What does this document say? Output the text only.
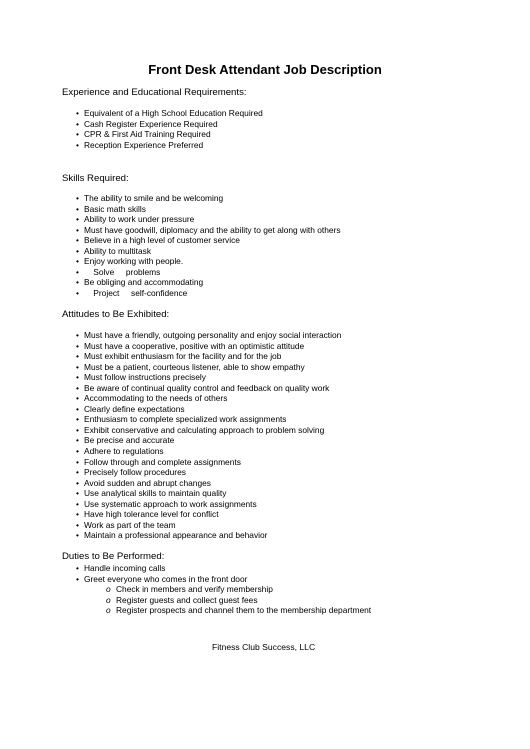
Front Desk Attendant Job Description
Experience and Educational Requirements:
• Equivalent of a High School Education Required
• Cash Register Experience Required
• CPR & First Aid Training Required
• Reception Experience Preferred
Skills Required:
• The ability to smile and be welcoming
• Basic math skills
• Ability to work under pressure
• Must have goodwill, diplomacy and the ability to get along with others
• Believe in a high level of customer service
• Ability to multitask
• Enjoy working with people.
• Solve     problems
• Be obliging and accommodating
• Project     self-confidence
Attitudes to Be Exhibited:
• Must have a friendly, outgoing personality and enjoy social interaction
• Must have a cooperative, positive with an optimistic attitude
• Must exhibit enthusiasm for the facility and for the job
• Must be a patient, courteous listener, able to show empathy
• Must follow instructions precisely
• Be aware of continual quality control and feedback on quality work
• Accommodating to the needs of others
• Clearly define expectations
• Enthusiasm to complete specialized work assignments
• Exhibit conservative and calculating approach to problem solving
• Be precise and accurate
• Adhere to regulations
• Follow through and complete assignments
• Precisely follow procedures
• Avoid sudden and abrupt changes
• Use analytical skills to maintain quality
• Use systematic approach to work assignments
• Have high tolerance level for conflict
• Work as part of the team
• Maintain a professional appearance and behavior
Duties to Be Performed:
• Handle incoming calls
• Greet everyone who comes in the front door
o Check in members and verify membership
o Register guests and collect guest fees
o Register prospects and channel them to the membership department
Fitness Club Success, LLC
